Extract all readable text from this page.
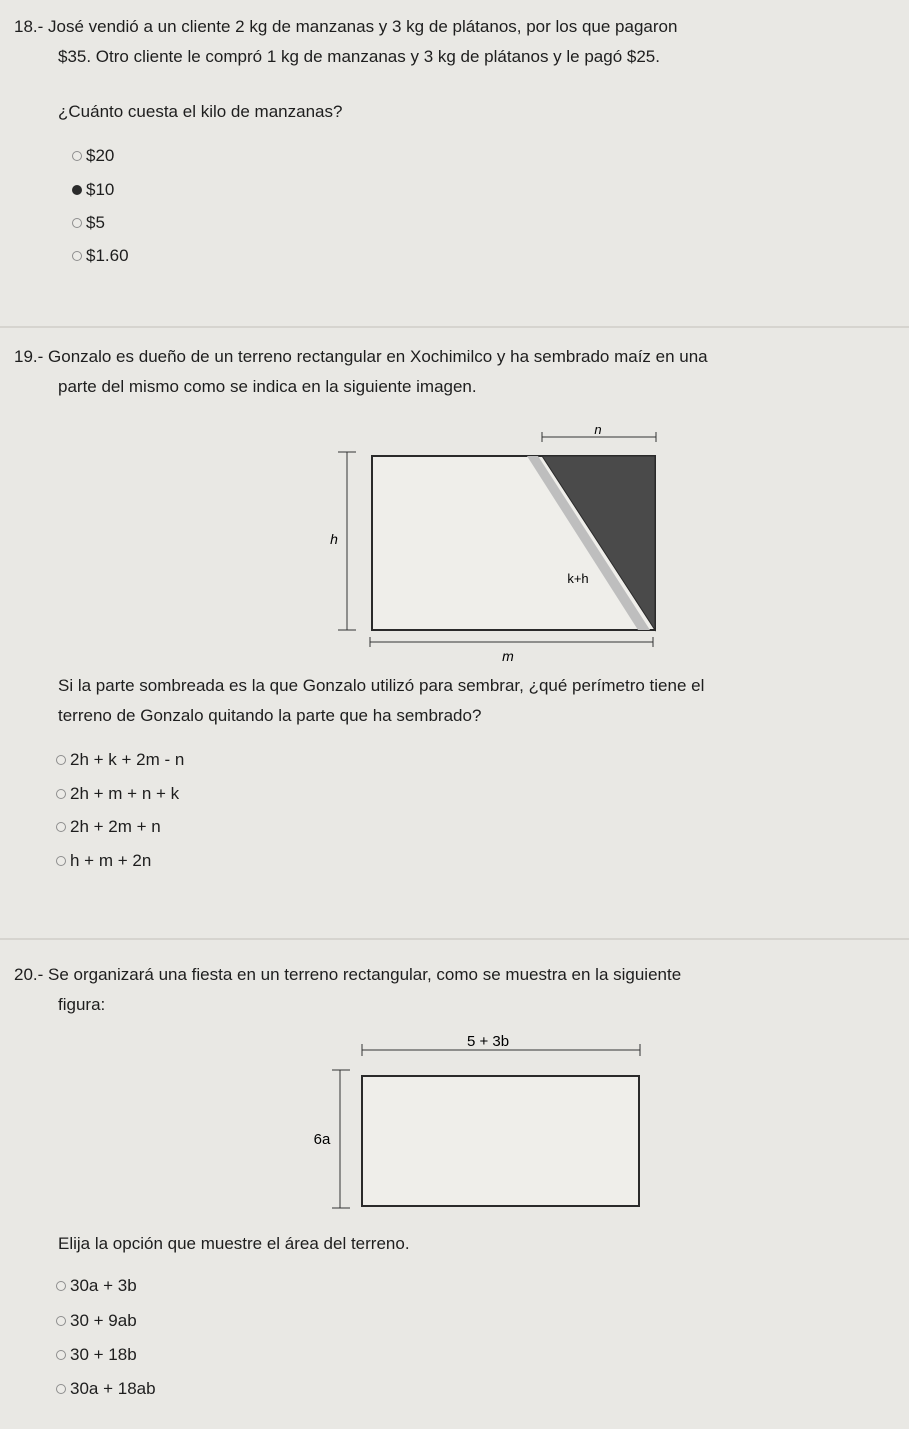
18.- José vendió a un cliente 2 kg de manzanas y 3 kg de plátanos, por los que pagaron

$35. Otro cliente le compró 1 kg de manzanas y 3 kg de plátanos y le pagó $25.

¿Cuánto cuesta el kilo de manzanas?

$20
$10
$5
$1.60

19.- Gonzalo es dueño de un terreno rectangular en Xochimilco y ha sembrado maíz en una

parte del mismo como se indica en la siguiente imagen.

n
h
k+h
m

Si la parte sombreada es la que Gonzalo utilizó para sembrar, ¿qué perímetro tiene el

terreno de Gonzalo quitando la parte que ha sembrado?

2h + k + 2m - n
2h + m + n + k
2h + 2m + n
h + m + 2n

20.- Se organizará una fiesta en un terreno rectangular, como se muestra en la siguiente

figura:

5 + 3b
6a

Elija la opción que muestre el área del terreno.

30a + 3b
30 + 9ab
30 + 18b
30a + 18ab
